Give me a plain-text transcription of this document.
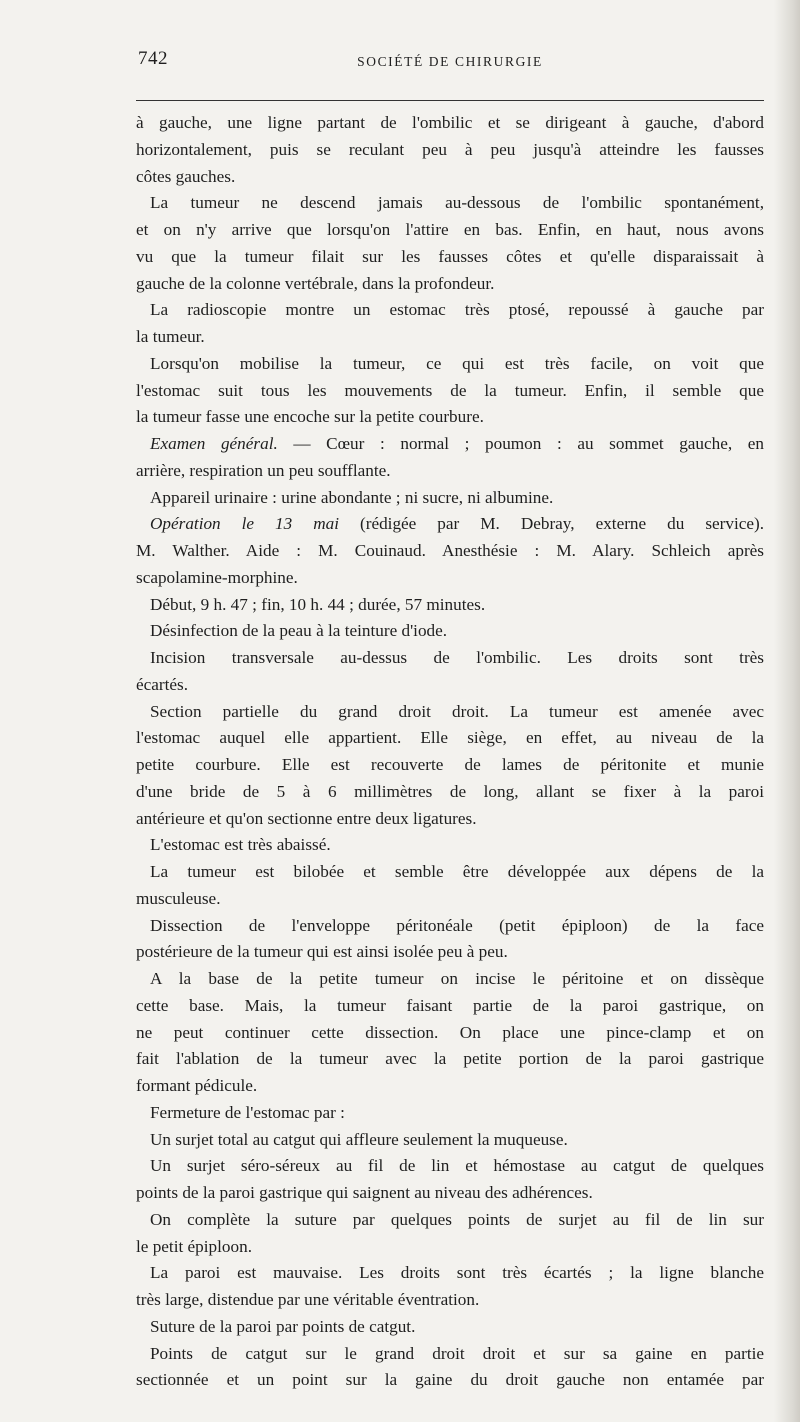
742	SOCIÉTÉ DE CHIRURGIE
à gauche, une ligne partant de l'ombilic et se dirigeant à gauche, d'abord
horizontalement, puis se reculant peu à peu jusqu'à atteindre les fausses
côtes gauches.
La tumeur ne descend jamais au-dessous de l'ombilic spontanément,
et on n'y arrive que lorsqu'on l'attire en bas. Enfin, en haut, nous avons
vu que la tumeur filait sur les fausses côtes et qu'elle disparaissait à
gauche de la colonne vertébrale, dans la profondeur.
La radioscopie montre un estomac très ptosé, repoussé à gauche par
la tumeur.
Lorsqu'on mobilise la tumeur, ce qui est très facile, on voit que
l'estomac suit tous les mouvements de la tumeur. Enfin, il semble que
la tumeur fasse une encoche sur la petite courbure.
Examen général. — Cœur : normal ; poumon : au sommet gauche, en
arrière, respiration un peu soufflante.
Appareil urinaire : urine abondante ; ni sucre, ni albumine.
Opération le 13 mai (rédigée par M. Debray, externe du service).
M. Walther. Aide : M. Couinaud. Anesthésie : M. Alary. Schleich après
scapolamine-morphine.
Début, 9 h. 47 ; fin, 10 h. 44 ; durée, 57 minutes.
Désinfection de la peau à la teinture d'iode.
Incision transversale au-dessus de l'ombilic. Les droits sont très
écartés.
Section partielle du grand droit droit. La tumeur est amenée avec
l'estomac auquel elle appartient. Elle siège, en effet, au niveau de la
petite courbure. Elle est recouverte de lames de péritonite et munie
d'une bride de 5 à 6 millimètres de long, allant se fixer à la paroi
antérieure et qu'on sectionne entre deux ligatures.
L'estomac est très abaissé.
La tumeur est bilobée et semble être développée aux dépens de la
musculeuse.
Dissection de l'enveloppe péritonéale (petit épiploon) de la face
postérieure de la tumeur qui est ainsi isolée peu à peu.
A la base de la petite tumeur on incise le péritoine et on dissèque
cette base. Mais, la tumeur faisant partie de la paroi gastrique, on
ne peut continuer cette dissection. On place une pince-clamp et on
fait l'ablation de la tumeur avec la petite portion de la paroi gastrique
formant pédicule.
Fermeture de l'estomac par :
Un surjet total au catgut qui affleure seulement la muqueuse.
Un surjet séro-séreux au fil de lin et hémostase au catgut de quelques
points de la paroi gastrique qui saignent au niveau des adhérences.
On complète la suture par quelques points de surjet au fil de lin sur
le petit épiploon.
La paroi est mauvaise. Les droits sont très écartés ; la ligne blanche
très large, distendue par une véritable éventration.
Suture de la paroi par points de catgut.
Points de catgut sur le grand droit droit et sur sa gaine en partie
sectionnée et un point sur la gaine du droit gauche non entamée par
